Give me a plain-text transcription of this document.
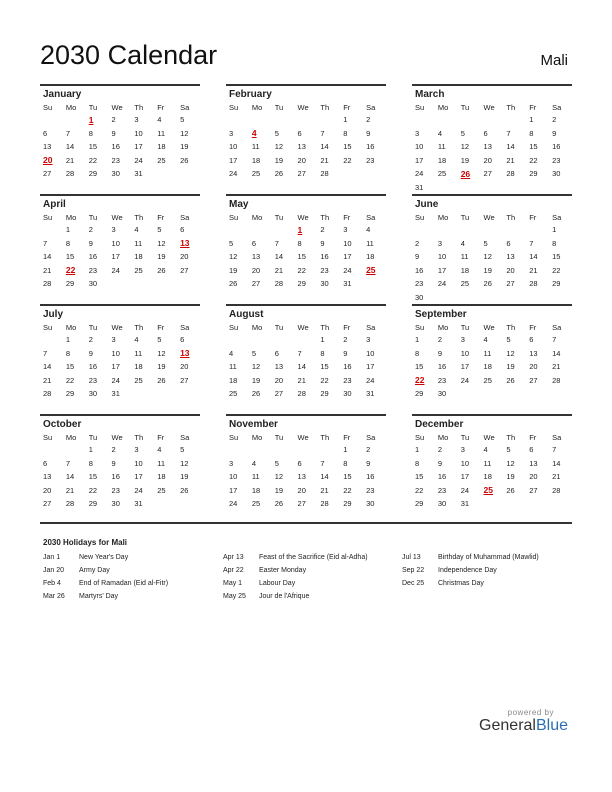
2030 Calendar	Mali
January
Su	Mo	Tu	We	Th	Fr	Sa
		1	2	3	4	5
6	7	8	9	10	11	12
13	14	15	16	17	18	19
20	21	22	23	24	25	26
27	28	29	30	31		
February
Su	Mo	Tu	We	Th	Fr	Sa
					1	2
3	4	5	6	7	8	9
10	11	12	13	14	15	16
17	18	19	20	21	22	23
24	25	26	27	28		
March
Su	Mo	Tu	We	Th	Fr	Sa
					1	2
3	4	5	6	7	8	9
10	11	12	13	14	15	16
17	18	19	20	21	22	23
24	25	26	27	28	29	30
31						
April
Su	Mo	Tu	We	Th	Fr	Sa
	1	2	3	4	5	6
7	8	9	10	11	12	13
14	15	16	17	18	19	20
21	22	23	24	25	26	27
28	29	30				
May
Su	Mo	Tu	We	Th	Fr	Sa
			1	2	3	4
5	6	7	8	9	10	11
12	13	14	15	16	17	18
19	20	21	22	23	24	25
26	27	28	29	30	31	
June
Su	Mo	Tu	We	Th	Fr	Sa
						1
2	3	4	5	6	7	8
9	10	11	12	13	14	15
16	17	18	19	20	21	22
23	24	25	26	27	28	29
30						
July
Su	Mo	Tu	We	Th	Fr	Sa
	1	2	3	4	5	6
7	8	9	10	11	12	13
14	15	16	17	18	19	20
21	22	23	24	25	26	27
28	29	30	31			
August
Su	Mo	Tu	We	Th	Fr	Sa
				1	2	3
4	5	6	7	8	9	10
11	12	13	14	15	16	17
18	19	20	21	22	23	24
25	26	27	28	29	30	31
September
Su	Mo	Tu	We	Th	Fr	Sa
1	2	3	4	5	6	7
8	9	10	11	12	13	14
15	16	17	18	19	20	21
22	23	24	25	26	27	28
29	30					
October
Su	Mo	Tu	We	Th	Fr	Sa
		1	2	3	4	5
6	7	8	9	10	11	12
13	14	15	16	17	18	19
20	21	22	23	24	25	26
27	28	29	30	31		
November
Su	Mo	Tu	We	Th	Fr	Sa
					1	2
3	4	5	6	7	8	9
10	11	12	13	14	15	16
17	18	19	20	21	22	23
24	25	26	27	28	29	30
December
Su	Mo	Tu	We	Th	Fr	Sa
1	2	3	4	5	6	7
8	9	10	11	12	13	14
15	16	17	18	19	20	21
22	23	24	25	26	27	28
29	30	31				
2030 Holidays for Mali
Jan 1	New Year's Day
Jan 20 Army Day
Feb 4	End of Ramadan (Eid al-Fitr)
Mar 26 Martyrs' Day
Apr 13 Feast of the Sacrifice (Eid al-Adha)
Apr 22 Easter Monday
May 1 Labour Day
May 25 Jour de l'Afrique
Jul 13 Birthday of Muhammad (Mawlid)
Sep 22 Independence Day
Dec 25 Christmas Day
powered by
GeneralBlue
